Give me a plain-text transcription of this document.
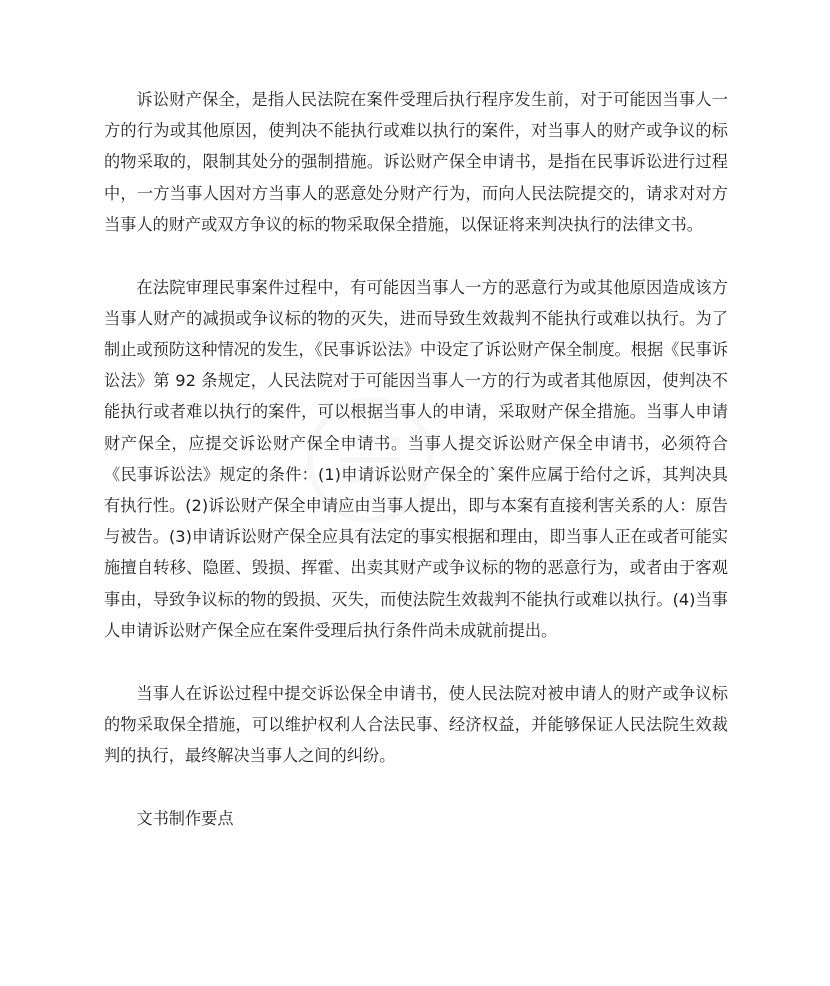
诉讼财产保全，是指人民法院在案件受理后执行程序发生前，对于可能因当事人一方的行为或其他原因，使判决不能执行或难以执行的案件，对当事人的财产或争议的标的物采取的，限制其处分的强制措施。诉讼财产保全申请书，是指在民事诉讼进行过程中，一方当事人因对方当事人的恶意处分财产行为，而向人民法院提交的，请求对对方当事人的财产或双方争议的标的物采取保全措施，以保证将来判决执行的法律文书。

在法院审理民事案件过程中，有可能因当事人一方的恶意行为或其他原因造成该方当事人财产的减损或争议标的物的灭失，进而导致生效裁判不能执行或难以执行。为了制止或预防这种情况的发生，《民事诉讼法》中设定了诉讼财产保全制度。根据《民事诉讼法》第 92 条规定，人民法院对于可能因当事人一方的行为或者其他原因，使判决不能执行或者难以执行的案件，可以根据当事人的申请，采取财产保全措施。当事人申请财产保全，应提交诉讼财产保全申请书。当事人提交诉讼财产保全申请书，必须符合《民事诉讼法》规定的条件：(1)申请诉讼财产保全的`案件应属于给付之诉，其判决具有执行性。(2)诉讼财产保全申请应由当事人提出，即与本案有直接利害关系的人：原告与被告。(3)申请诉讼财产保全应具有法定的事实根据和理由，即当事人正在或者可能实施擅自转移、隐匿、毁损、挥霍、出卖其财产或争议标的物的恶意行为，或者由于客观事由，导致争议标的物的毁损、灭失，而使法院生效裁判不能执行或难以执行。(4)当事人申请诉讼财产保全应在案件受理后执行条件尚未成就前提出。

当事人在诉讼过程中提交诉讼保全申请书，使人民法院对被申请人的财产或争议标的物采取保全措施，可以维护权利人合法民事、经济权益，并能够保证人民法院生效裁判的执行，最终解决当事人之间的纠纷。

文书制作要点
